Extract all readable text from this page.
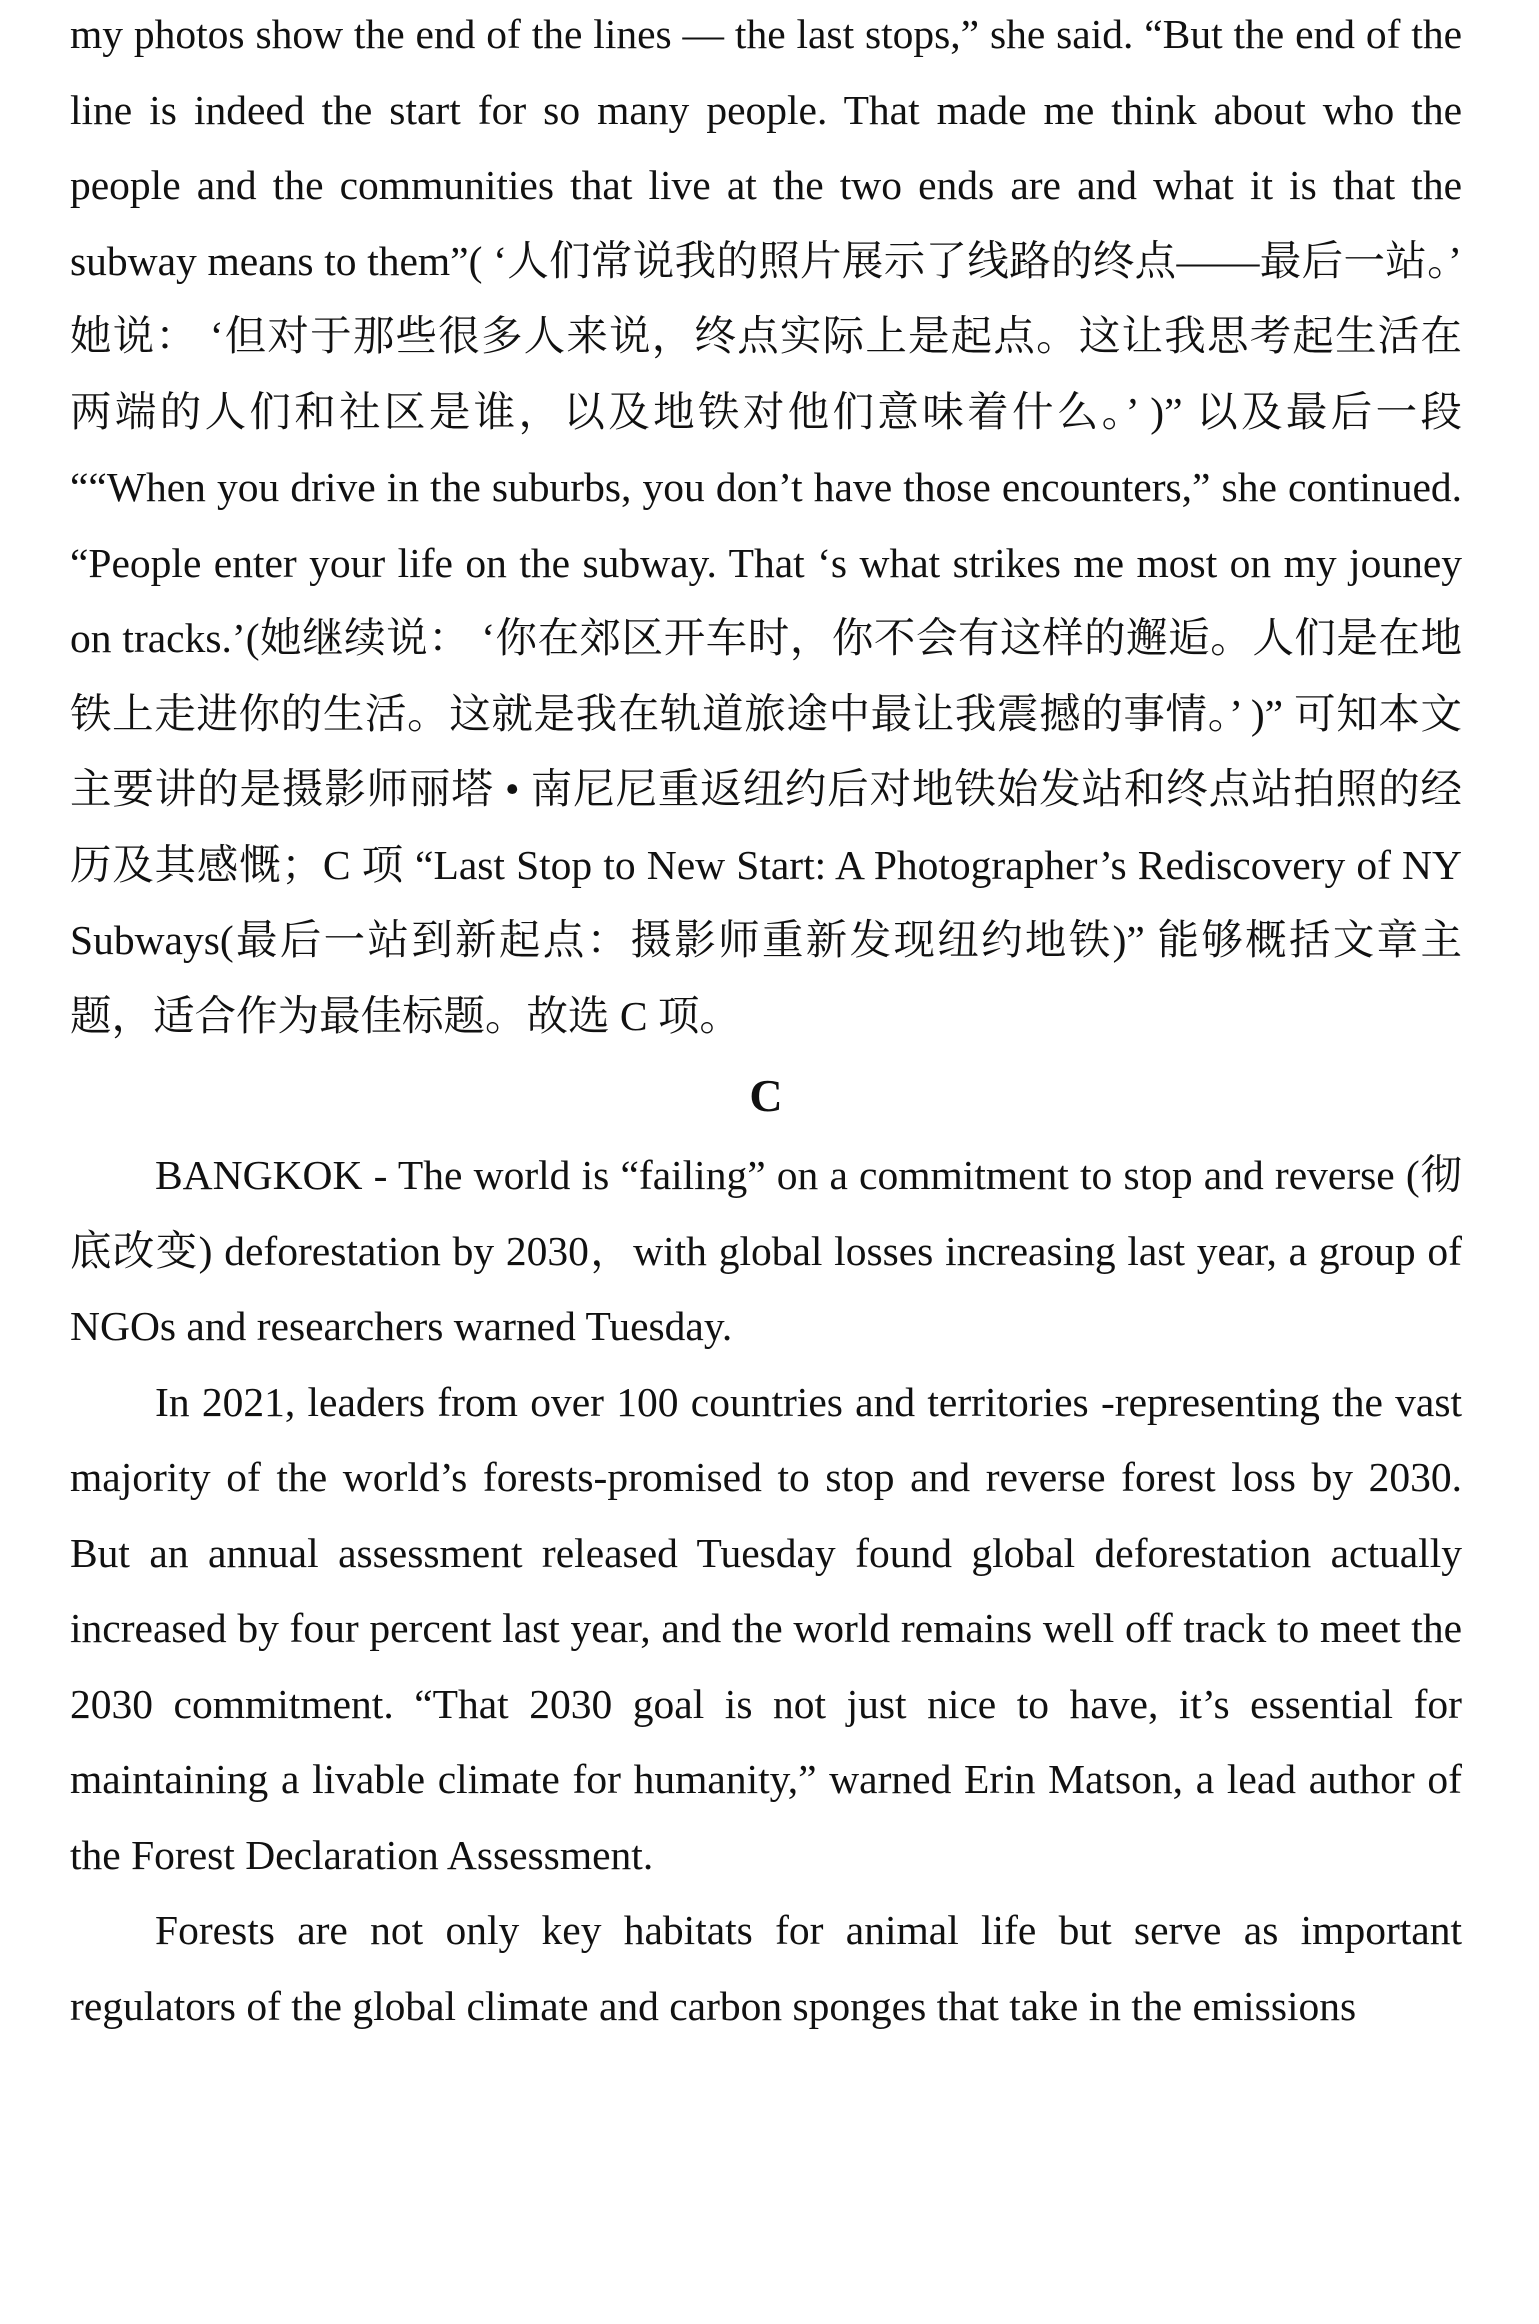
my photos show the end of the lines — the last stops,” she said. “But the end of the line is indeed the start for so many people. That made me think about who the people and the communities that live at the two ends are and what it is that the subway means to them”( ‘人们常说我的照片展示了线路的终点——最后一站。’ 她说： ‘但对于那些很多人来说，终点实际上是起点。这让我思考起生活在两端的人们和社区是谁，以及地铁对他们意味着什么。’ )” 以及最后一段 ““When you drive in the suburbs, you don’t have those encounters,” she continued. “People enter your life on the subway. That ‘s what strikes me most on my jouney on tracks.’(她继续说： ‘你在郊区开车时，你不会有这样的邂逅。人们是在地铁上走进你的生活。这就是我在轨道旅途中最让我震撼的事情。’ )” 可知本文主要讲的是摄影师丽塔 • 南尼尼重返纽约后对地铁始发站和终点站拍照的经历及其感慨；C 项 “Last Stop to New Start: A Photographer’s Rediscovery of NY Subways(最后一站到新起点：摄影师重新发现纽约地铁)” 能够概括文章主题，适合作为最佳标题。故选 C 项。

C

BANGKOK - The world is “failing” on a commitment to stop and reverse (彻底改变) deforestation by 2030，with global losses increasing last year, a group of NGOs and researchers warned Tuesday.

In 2021, leaders from over 100 countries and territories -representing the vast majority of the world’s forests-promised to stop and reverse forest loss by 2030. But an annual assessment released Tuesday found global deforestation actually increased by four percent last year, and the world remains well off track to meet the 2030 commitment. “That 2030 goal is not just nice to have, it’s essential for maintaining a livable climate for humanity,” warned Erin Matson, a lead author of the Forest Declaration Assessment.

Forests are not only key habitats for animal life but serve as important regulators of the global climate and carbon sponges that take in the emissions
